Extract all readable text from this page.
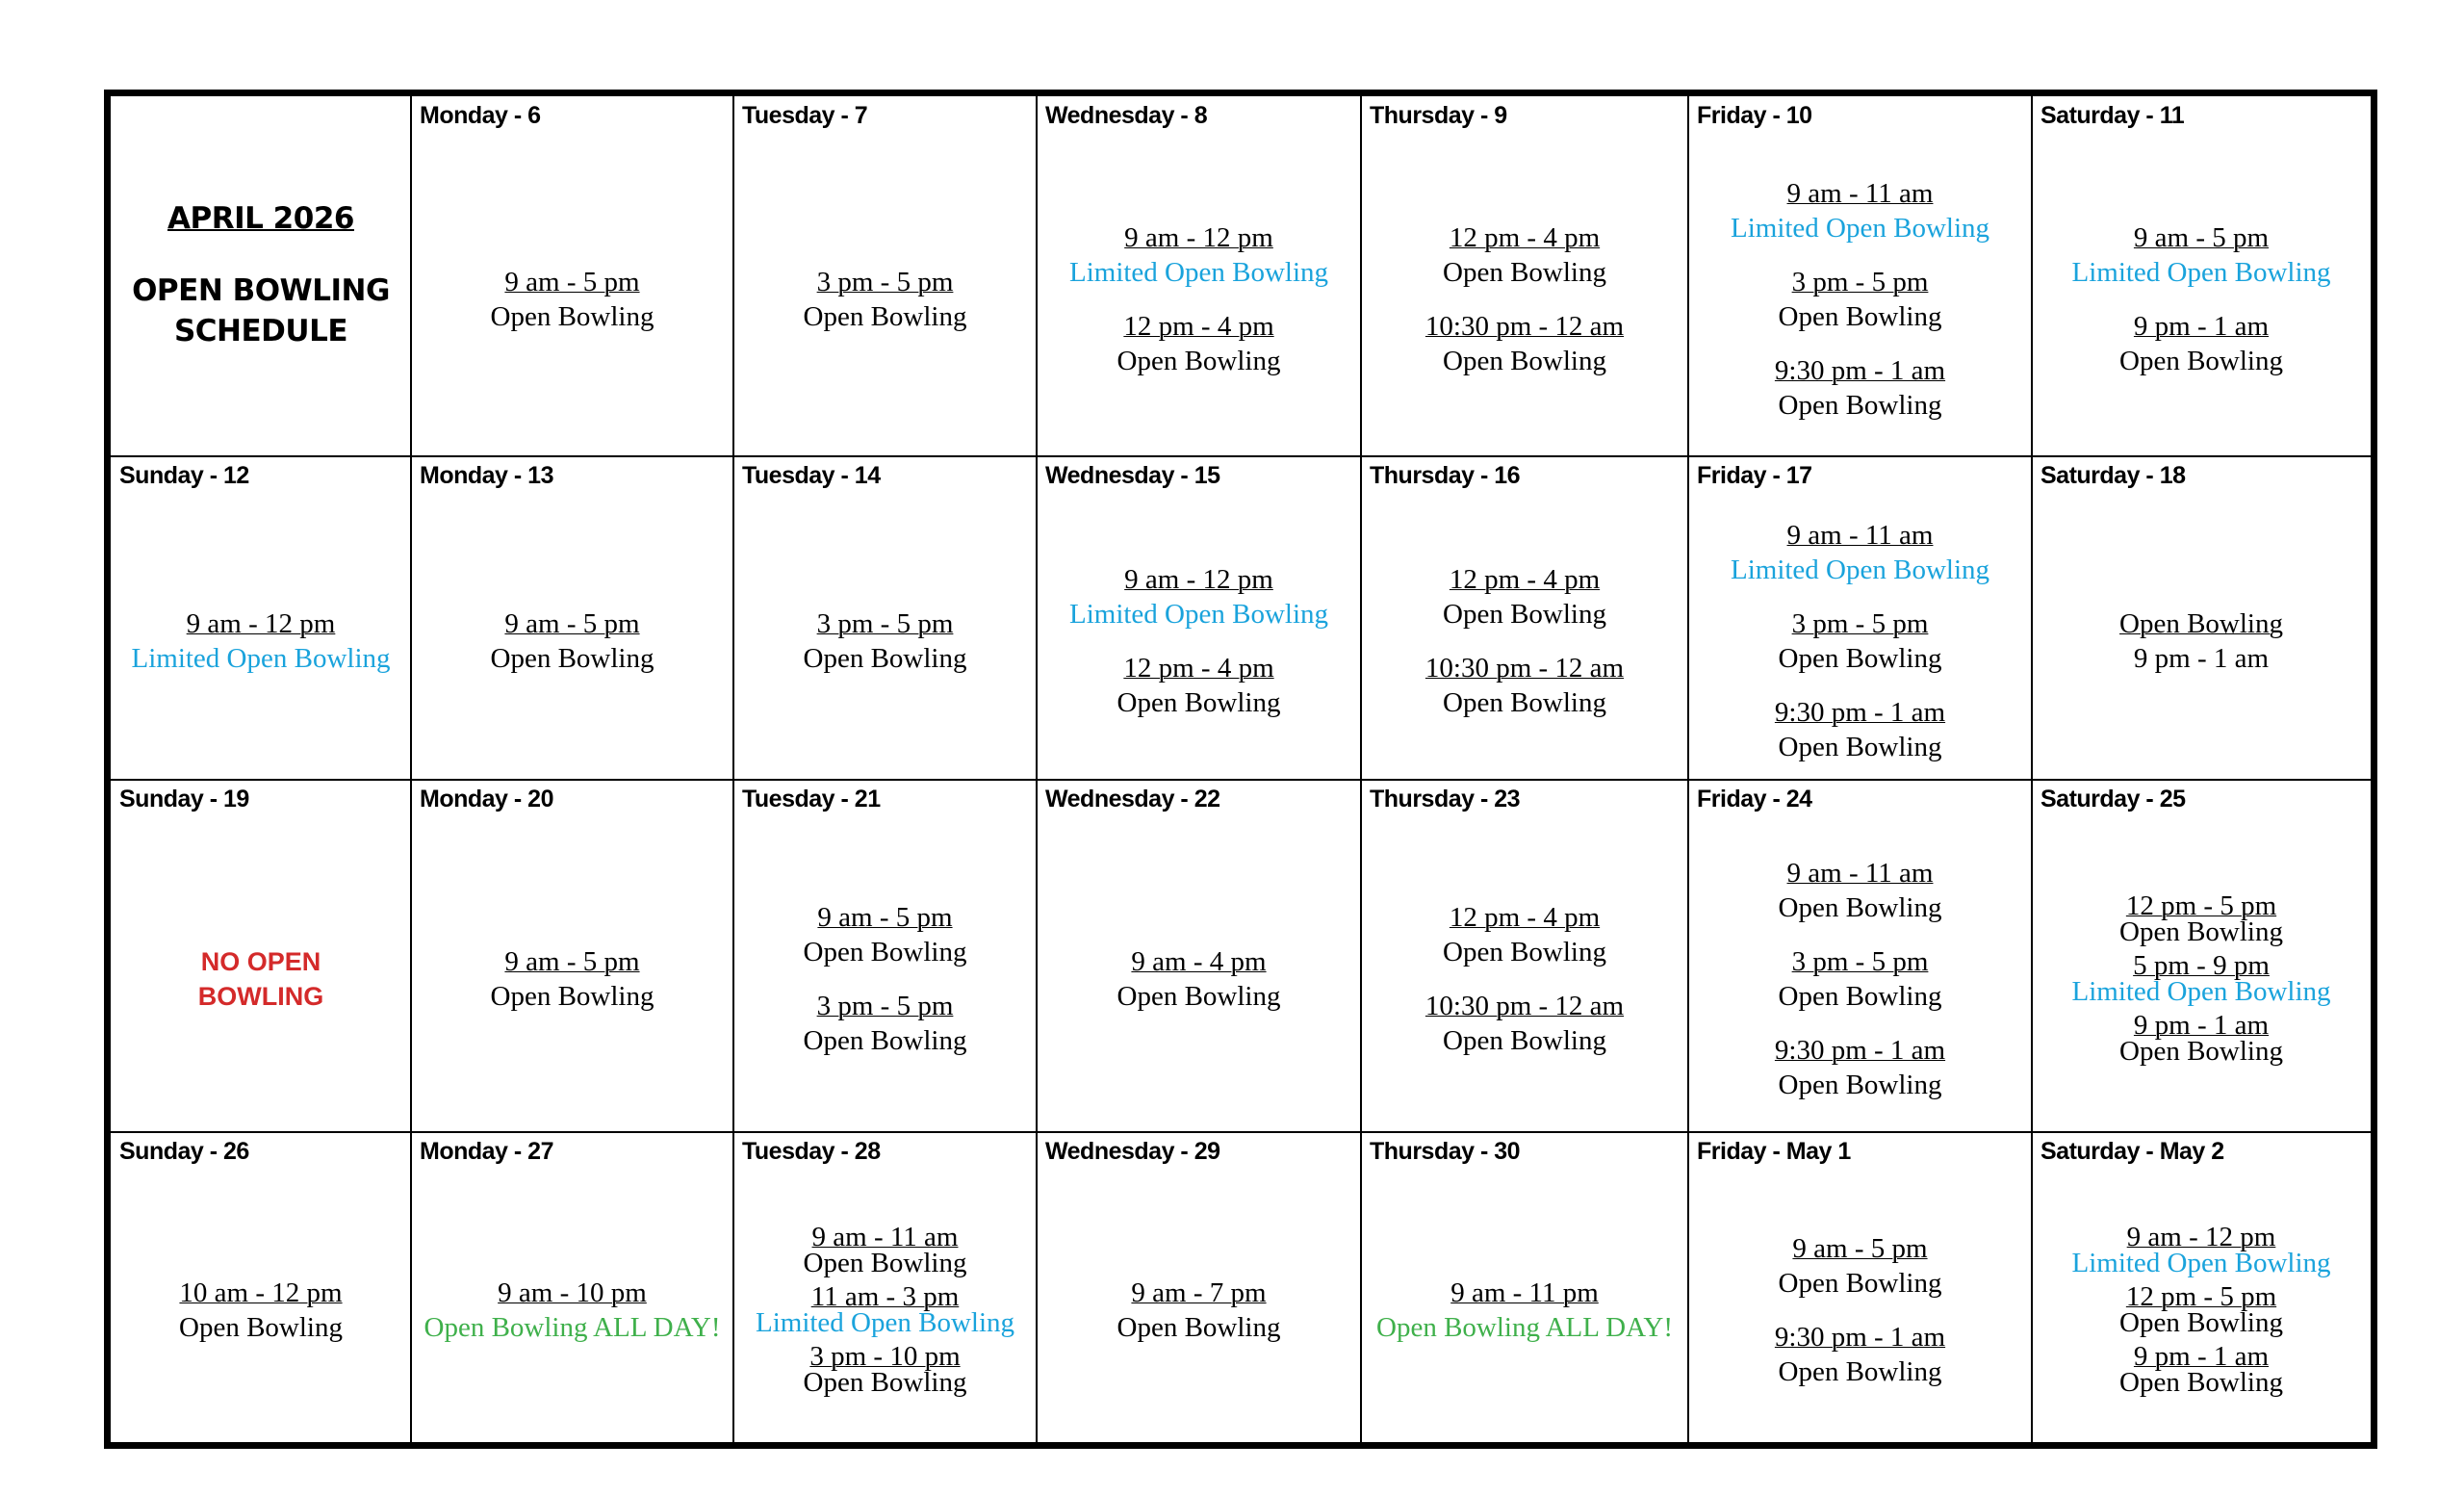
APRIL 2026
OPEN BOWLING
SCHEDULE
Monday - 6
9 am - 5 pm
Open Bowling
Tuesday - 7
3 pm - 5 pm
Open Bowling
Wednesday - 8
9 am - 12 pm
Limited Open Bowling
12 pm - 4 pm
Open Bowling
Thursday - 9
12 pm - 4 pm
Open Bowling
10:30 pm - 12 am
Open Bowling
Friday - 10
9 am - 11 am
Limited Open Bowling
3 pm - 5 pm
Open Bowling
9:30 pm - 1 am
Open Bowling
Saturday - 11
9 am - 5 pm
Limited Open Bowling
9 pm - 1 am
Open Bowling
Sunday - 12
9 am - 12 pm
Limited Open Bowling
Monday - 13
9 am - 5 pm
Open Bowling
Tuesday - 14
3 pm - 5 pm
Open Bowling
Wednesday - 15
9 am - 12 pm
Limited Open Bowling
12 pm - 4 pm
Open Bowling
Thursday - 16
12 pm - 4 pm
Open Bowling
10:30 pm - 12 am
Open Bowling
Friday - 17
9 am - 11 am
Limited Open Bowling
3 pm - 5 pm
Open Bowling
9:30 pm - 1 am
Open Bowling
Saturday - 18
Open Bowling
9 pm - 1 am
Sunday - 19
NO OPEN
BOWLING
Monday - 20
9 am - 5 pm
Open Bowling
Tuesday - 21
9 am - 5 pm
Open Bowling
3 pm - 5 pm
Open Bowling
Wednesday - 22
9 am - 4 pm
Open Bowling
Thursday - 23
12 pm - 4 pm
Open Bowling
10:30 pm - 12 am
Open Bowling
Friday - 24
9 am - 11 am
Open Bowling
3 pm - 5 pm
Open Bowling
9:30 pm - 1 am
Open Bowling
Saturday - 25
12 pm - 5 pm
Open Bowling
5 pm - 9 pm
Limited Open Bowling
9 pm - 1 am
Open Bowling
Sunday - 26
10 am - 12 pm
Open Bowling
Monday - 27
9 am - 10 pm
Open Bowling ALL DAY!
Tuesday - 28
9 am - 11 am
Open Bowling
11 am - 3 pm
Limited Open Bowling
3 pm - 10 pm
Open Bowling
Wednesday - 29
9 am - 7 pm
Open Bowling
Thursday - 30
9 am - 11 pm
Open Bowling ALL DAY!
Friday - May 1
9 am - 5 pm
Open Bowling
9:30 pm - 1 am
Open Bowling
Saturday - May 2
9 am - 12 pm
Limited Open Bowling
12 pm - 5 pm
Open Bowling
9 pm - 1 am
Open Bowling
